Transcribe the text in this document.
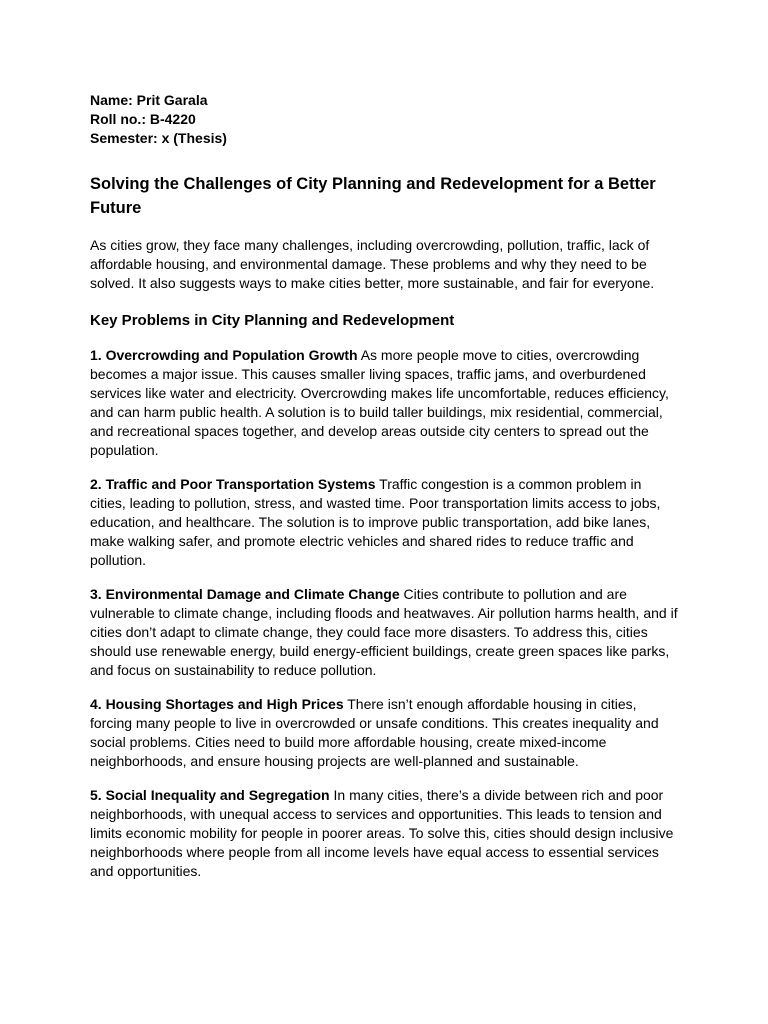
Name: Prit Garala

Roll no.: B-4220

Semester: x (Thesis)

Solving the Challenges of City Planning and Redevelopment for a Better Future

As cities grow, they face many challenges, including overcrowding, pollution, traffic, lack of affordable housing, and environmental damage. These problems and why they need to be solved. It also suggests ways to make cities better, more sustainable, and fair for everyone.

Key Problems in City Planning and Redevelopment

1. Overcrowding and Population Growth As more people move to cities, overcrowding becomes a major issue. This causes smaller living spaces, traffic jams, and overburdened services like water and electricity. Overcrowding makes life uncomfortable, reduces efficiency, and can harm public health. A solution is to build taller buildings, mix residential, commercial, and recreational spaces together, and develop areas outside city centers to spread out the population.

2. Traffic and Poor Transportation Systems Traffic congestion is a common problem in cities, leading to pollution, stress, and wasted time. Poor transportation limits access to jobs, education, and healthcare. The solution is to improve public transportation, add bike lanes, make walking safer, and promote electric vehicles and shared rides to reduce traffic and pollution.

3. Environmental Damage and Climate Change Cities contribute to pollution and are vulnerable to climate change, including floods and heatwaves. Air pollution harms health, and if cities don’t adapt to climate change, they could face more disasters. To address this, cities should use renewable energy, build energy-efficient buildings, create green spaces like parks, and focus on sustainability to reduce pollution.

4. Housing Shortages and High Prices There isn’t enough affordable housing in cities, forcing many people to live in overcrowded or unsafe conditions. This creates inequality and social problems. Cities need to build more affordable housing, create mixed-income neighborhoods, and ensure housing projects are well-planned and sustainable.

5. Social Inequality and Segregation In many cities, there’s a divide between rich and poor neighborhoods, with unequal access to services and opportunities. This leads to tension and limits economic mobility for people in poorer areas. To solve this, cities should design inclusive neighborhoods where people from all income levels have equal access to essential services and opportunities.
